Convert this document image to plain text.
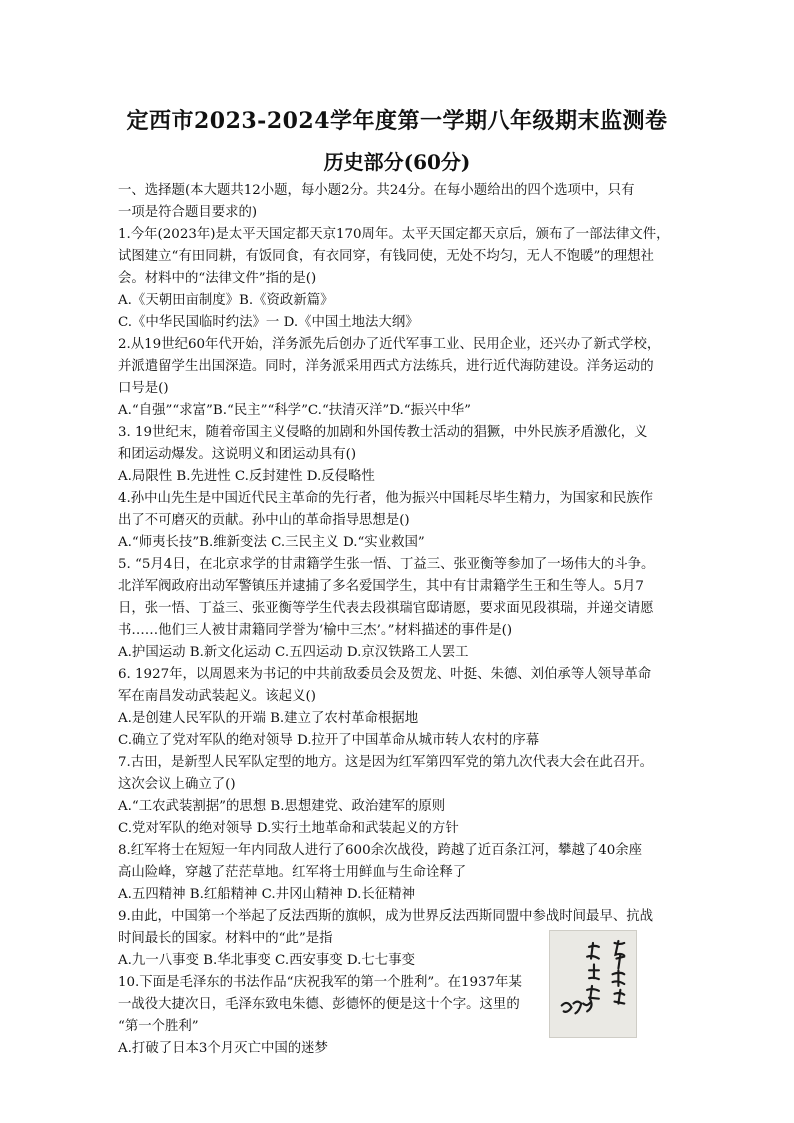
定西市2023-2024学年度第一学期八年级期末监测卷
历史部分(60分)

一、选择题(本大题共12小题，每小题2分。共24分。在每小题给出的四个选项中，只有

一项是符合题目要求的)

1.今年(2023年)是太平天国定都天京170周年。太平天国定都天京后，颁布了一部法律文件，

试图建立“有田同耕，有饭同食，有衣同穿，有钱同使，无处不均匀，无人不饱暖”的理想社

会。材料中的“法律文件”指的是()

A.《天朝田亩制度》B.《资政新篇》

C.《中华民国临时约法》一 D.《中国土地法大纲》

2.从19世纪60年代开始，洋务派先后创办了近代军事工业、民用企业，还兴办了新式学校，

并派遣留学生出国深造。同时，洋务派采用西式方法练兵，进行近代海防建设。洋务运动的

口号是()

A.“自强”“求富”B.“民主”“科学”C.“扶清灭洋”D.“振兴中华”

3. 19世纪末，随着帝国主义侵略的加剧和外国传教士活动的猖獗，中外民族矛盾激化，义

和团运动爆发。这说明义和团运动具有()

A.局限性 B.先进性 C.反封建性 D.反侵略性

4.孙中山先生是中国近代民主革命的先行者，他为振兴中国耗尽毕生精力，为国家和民族作

出了不可磨灭的贡献。孙中山的革命指导思想是()

A.“师夷长技”B.维新变法 C.三民主义 D.“实业救国”

5. “5月4日，在北京求学的甘肃籍学生张一悟、丁益三、张亚衡等参加了一场伟大的斗争。

北洋军阀政府出动军警镇压并逮捕了多名爱国学生，其中有甘肃籍学生王和生等人。5月7

日，张一悟、丁益三、张亚衡等学生代表去段祺瑞官邸请愿，要求面见段祺瑞，并递交请愿

书……他们三人被甘肃籍同学誉为‘榆中三杰’。”材料描述的事件是()

A.护国运动 B.新文化运动 C.五四运动 D.京汉铁路工人罢工

6. 1927年，以周恩来为书记的中共前敌委员会及贺龙、叶挺、朱德、刘伯承等人领导革命

军在南昌发动武装起义。该起义()

A.是创建人民军队的开端 B.建立了农村革命根据地

C.确立了党对军队的绝对领导 D.拉开了中国革命从城市转人农村的序幕

7.古田，是新型人民军队定型的地方。这是因为红军第四军党的第九次代表大会在此召开。

这次会议上确立了()

A.“工农武装割据”的思想 B.思想建党、政治建军的原则

C.党对军队的绝对领导 D.实行土地革命和武装起义的方针

8.红军将士在短短一年内同敌人进行了600余次战役，跨越了近百条江河，攀越了40余座

高山险峰，穿越了茫茫草地。红军将士用鲜血与生命诠释了

A.五四精神 B.红船精神 C.井冈山精神 D.长征精神

9.由此，中国第一个举起了反法西斯的旗帜，成为世界反法西斯同盟中参战时间最早、抗战

时间最长的国家。材料中的“此”是指

A.九一八事变 B.华北事变 C.西安事变 D.七七事变

10.下面是毛泽东的书法作品“庆祝我军的第一个胜利”。在1937年某

一战役大捷次日，毛泽东致电朱德、彭德怀的便是这十个字。这里的

“第一个胜利”

A.打破了日本3个月灭亡中国的迷梦
